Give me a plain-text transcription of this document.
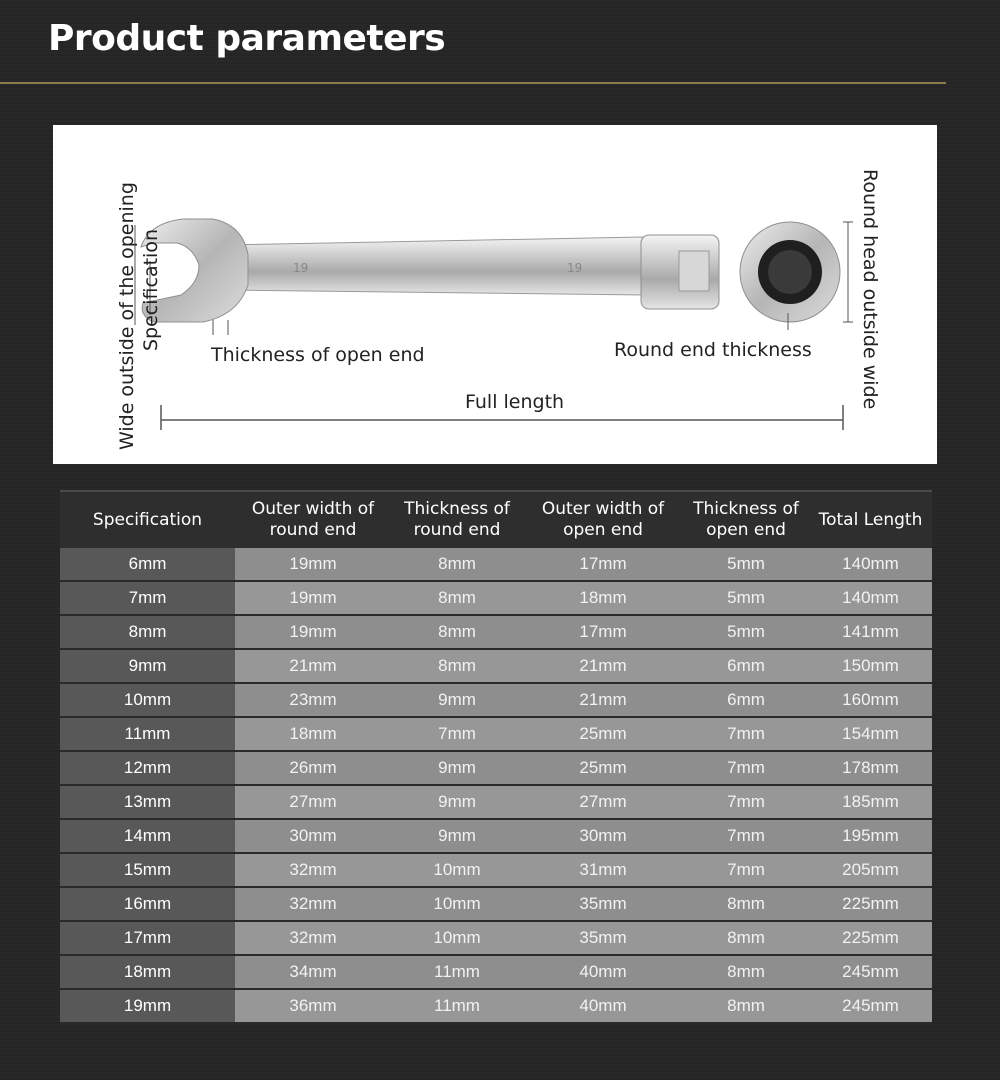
Product parameters
19	19
Wide outside of the opening Specification
Thickness of open end
Full length
Round end thickness Round head outside wide
Specification	Outer width of round end	Thickness of round end	Outer width of open end	Thickness of open end	Total Length
6mm	19mm	8mm	17mm	5mm	140mm
7mm	19mm	8mm	18mm	5mm	140mm
8mm	19mm	8mm	17mm	5mm	141mm
9mm	21mm	8mm	21mm	6mm	150mm
10mm	23mm	9mm	21mm	6mm	160mm
11mm	18mm	7mm	25mm	7mm	154mm
12mm	26mm	9mm	25mm	7mm	178mm
13mm	27mm	9mm	27mm	7mm	185mm
14mm	30mm	9mm	30mm	7mm	195mm
15mm	32mm	10mm	31mm	7mm	205mm
16mm	32mm	10mm	35mm	8mm	225mm
17mm	32mm	10mm	35mm	8mm	225mm
18mm	34mm	11mm	40mm	8mm	245mm
19mm	36mm	11mm	40mm	8mm	245mm
